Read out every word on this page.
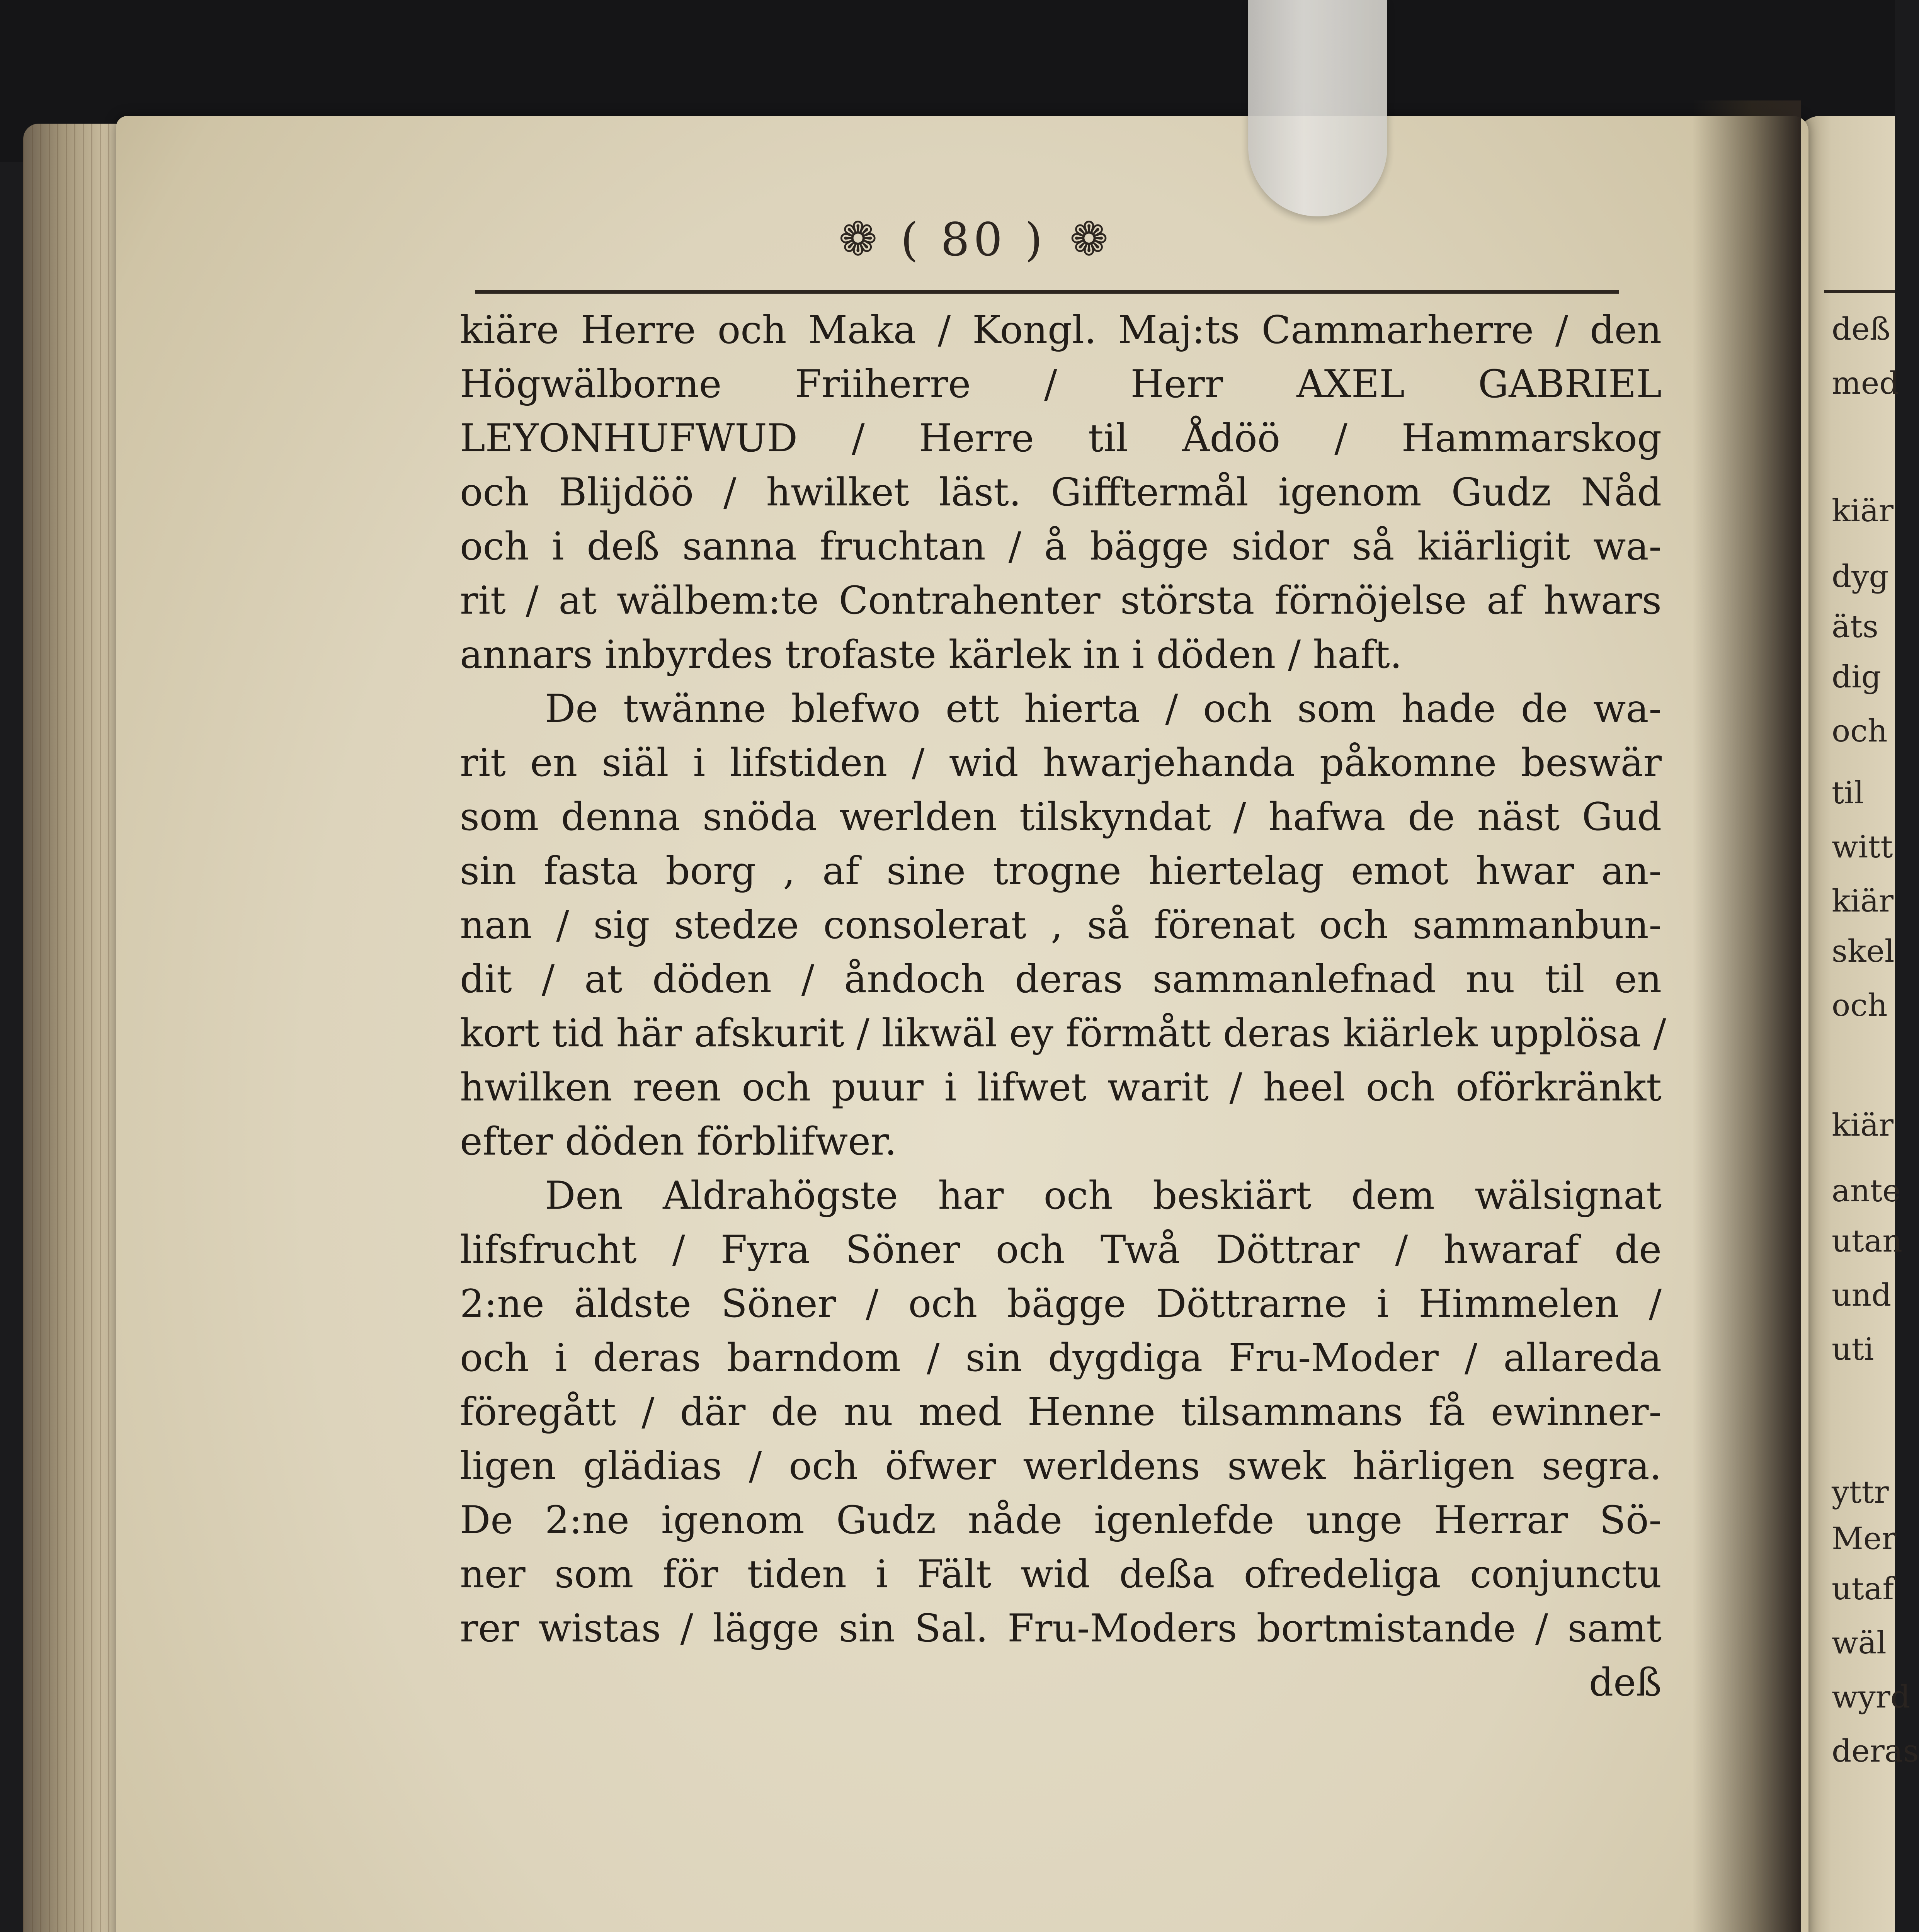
❁ ( 80 ) ❁
kiäre Herre och Maka / Kongl. Maj:ts Cammarherre / den
Högwälborne Friiherre / Herr AXEL GABRIEL
LEYONHUFWUD / Herre til Ådöö / Hammarskog
och Blijdöö / hwilket läst. Gifftermål igenom Gudz Nåd
och i deß sanna fruchtan / å bägge sidor så kiärligit wa-
rit / at wälbem:te Contrahenter största förnöjelse af hwars
annars inbyrdes trofaste kärlek in i döden / haft.
De twänne blefwo ett hierta / och som hade de wa-
rit en siäl i lifstiden / wid hwarjehanda påkomne beswär
som denna snöda werlden tilskyndat / hafwa de näst Gud
sin fasta borg , af sine trogne hiertelag emot hwar an-
nan / sig stedze consolerat , så förenat och sammanbun-
dit / at döden / åndoch deras sammanlefnad nu til en
kort tid här afskurit / likwäl ey förmått deras kiärlek upplösa /
hwilken reen och puur i lifwet warit / heel och oförkränkt
efter döden förblifwer.
Den Aldrahögste har och beskiärt dem wälsignat
lifsfrucht / Fyra Söner och Twå Döttrar / hwaraf de
2:ne äldste Söner / och bägge Döttrarne i Himmelen /
och i deras barndom / sin dygdiga Fru-Moder / allareda
föregått / där de nu med Henne tilsammans få ewinner-
ligen glädias / och öfwer werldens swek härligen segra.
De 2:ne igenom Gudz nåde igenlefde unge Herrar Sö-
ner som för tiden i Fält wid deßa ofredeliga conjunctu
rer wistas / lägge sin Sal. Fru-Moders bortmistande / samt
deß
deß
med
kiär
dyg
äts
dig
och
til
witt
kiär
skel
och
kiär
ante
utan
und
uti
yttr
Mer
utaf
wäl
wyrd
deras
